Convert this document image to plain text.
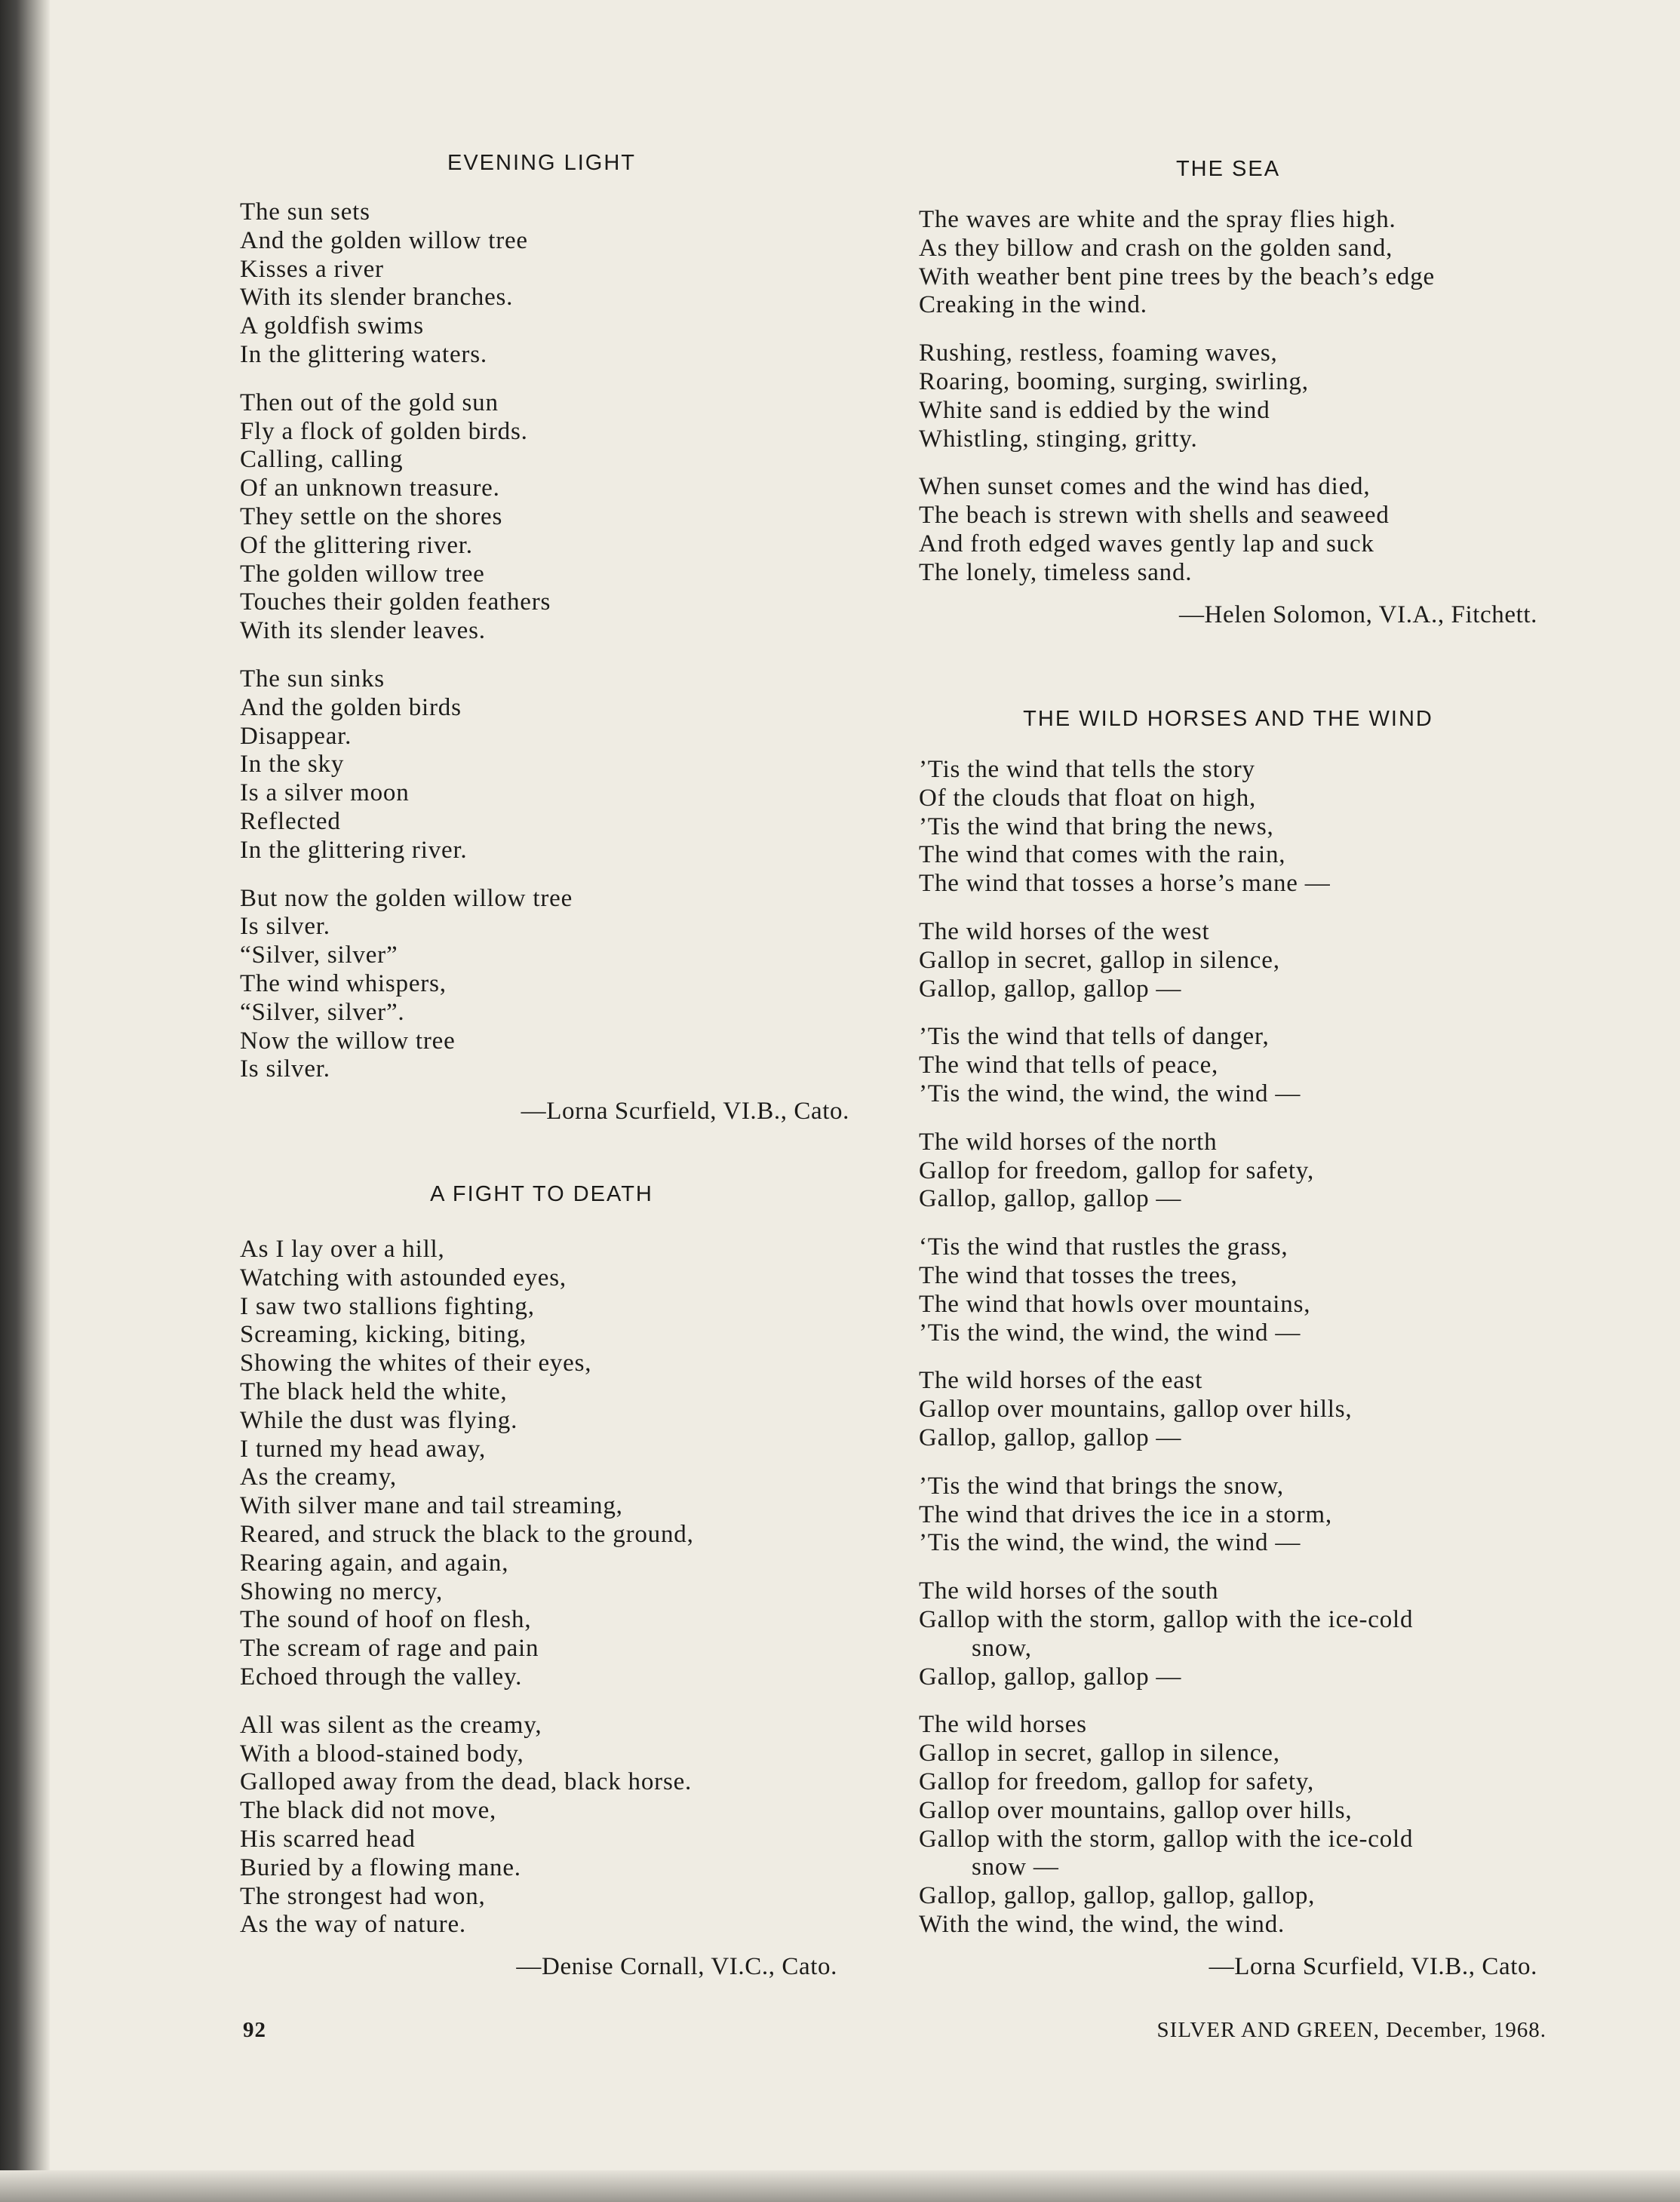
EVENING LIGHT
The sun sets
And the golden willow tree
Kisses a river
With its slender branches.
A goldfish swims
In the glittering waters.
Then out of the gold sun
Fly a flock of golden birds.
Calling, calling
Of an unknown treasure.
They settle on the shores
Of the glittering river.
The golden willow tree
Touches their golden feathers
With its slender leaves.
The sun sinks
And the golden birds
Disappear.
In the sky
Is a silver moon
Reflected
In the glittering river.
But now the golden willow tree
Is silver.
“Silver, silver”
The wind whispers,
“Silver, silver”.
Now the willow tree
Is silver.
—Lorna Scurfield, VI.B., Cato.
A FIGHT TO DEATH
As I lay over a hill,
Watching with astounded eyes,
I saw two stallions fighting,
Screaming, kicking, biting,
Showing the whites of their eyes,
The black held the white,
While the dust was flying.
I turned my head away,
As the creamy,
With silver mane and tail streaming,
Reared, and struck the black to the ground,
Rearing again, and again,
Showing no mercy,
The sound of hoof on flesh,
The scream of rage and pain
Echoed through the valley.
All was silent as the creamy,
With a blood-stained body,
Galloped away from the dead, black horse.
The black did not move,
His scarred head
Buried by a flowing mane.
The strongest had won,
As the way of nature.
—Denise Cornall, VI.C., Cato.
THE SEA
The waves are white and the spray flies high.
As they billow and crash on the golden sand,
With weather bent pine trees by the beach’s edge
Creaking in the wind.
Rushing, restless, foaming waves,
Roaring, booming, surging, swirling,
White sand is eddied by the wind
Whistling, stinging, gritty.
When sunset comes and the wind has died,
The beach is strewn with shells and seaweed
And froth edged waves gently lap and suck
The lonely, timeless sand.
—Helen Solomon, VI.A., Fitchett.
THE WILD HORSES AND THE WIND
’Tis the wind that tells the story
Of the clouds that float on high,
’Tis the wind that bring the news,
The wind that comes with the rain,
The wind that tosses a horse’s mane —
The wild horses of the west
Gallop in secret, gallop in silence,
Gallop, gallop, gallop —
’Tis the wind that tells of danger,
The wind that tells of peace,
’Tis the wind, the wind, the wind —
The wild horses of the north
Gallop for freedom, gallop for safety,
Gallop, gallop, gallop —
‘Tis the wind that rustles the grass,
The wind that tosses the trees,
The wind that howls over mountains,
’Tis the wind, the wind, the wind —
The wild horses of the east
Gallop over mountains, gallop over hills,
Gallop, gallop, gallop —
’Tis the wind that brings the snow,
The wind that drives the ice in a storm,
’Tis the wind, the wind, the wind —
The wild horses of the south
Gallop with the storm, gallop with the ice-cold
snow,
Gallop, gallop, gallop —
The wild horses
Gallop in secret, gallop in silence,
Gallop for freedom, gallop for safety,
Gallop over mountains, gallop over hills,
Gallop with the storm, gallop with the ice-cold
snow —
Gallop, gallop, gallop, gallop, gallop,
With the wind, the wind, the wind.
—Lorna Scurfield, VI.B., Cato.
92	SILVER AND GREEN, December, 1968.
